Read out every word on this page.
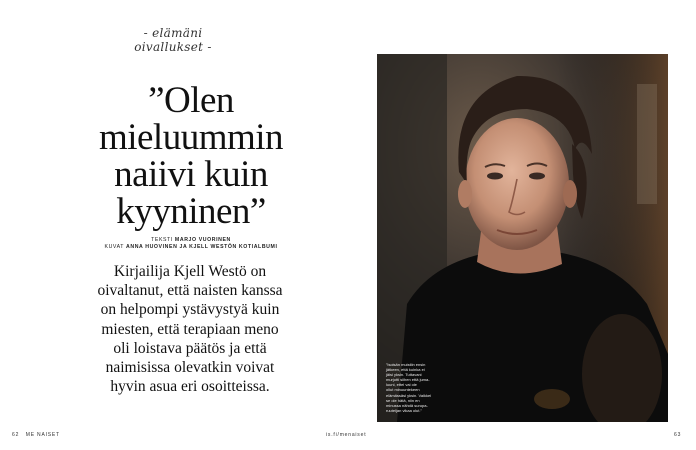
- elämäni oivallukset -
”Olen
mieluummin
naiivi kuin
kyyninen”
TEKSTI MARJO VUORINEN
KUVAT ANNA HUOVINEN JA KJELL WESTÖN KOTIALBUMI
Kirjailija Kjell Westö on
oivaltanut, että naisten kanssa
on helpompi ystävystyä kuin
miesten, että terapiaan meno
oli loistava päätös ja että
naimisissa olevatkin voivat
hyvin asua eri osoitteissa.
”Isoisän muistiin ensin
jätkeen, että kuinka ei
jäisi yksin. Tuttavani
murjotti siihen että juma-
luuni, ettei vai ole
oliut minuuntekeen
elämässäsi yksin. Vaikkei
se ole hätä, niin en
minussa nähdä surupa-
ruuteljan vikaa olut.”
62 ME NAISET	is.fi/menaiset	63
